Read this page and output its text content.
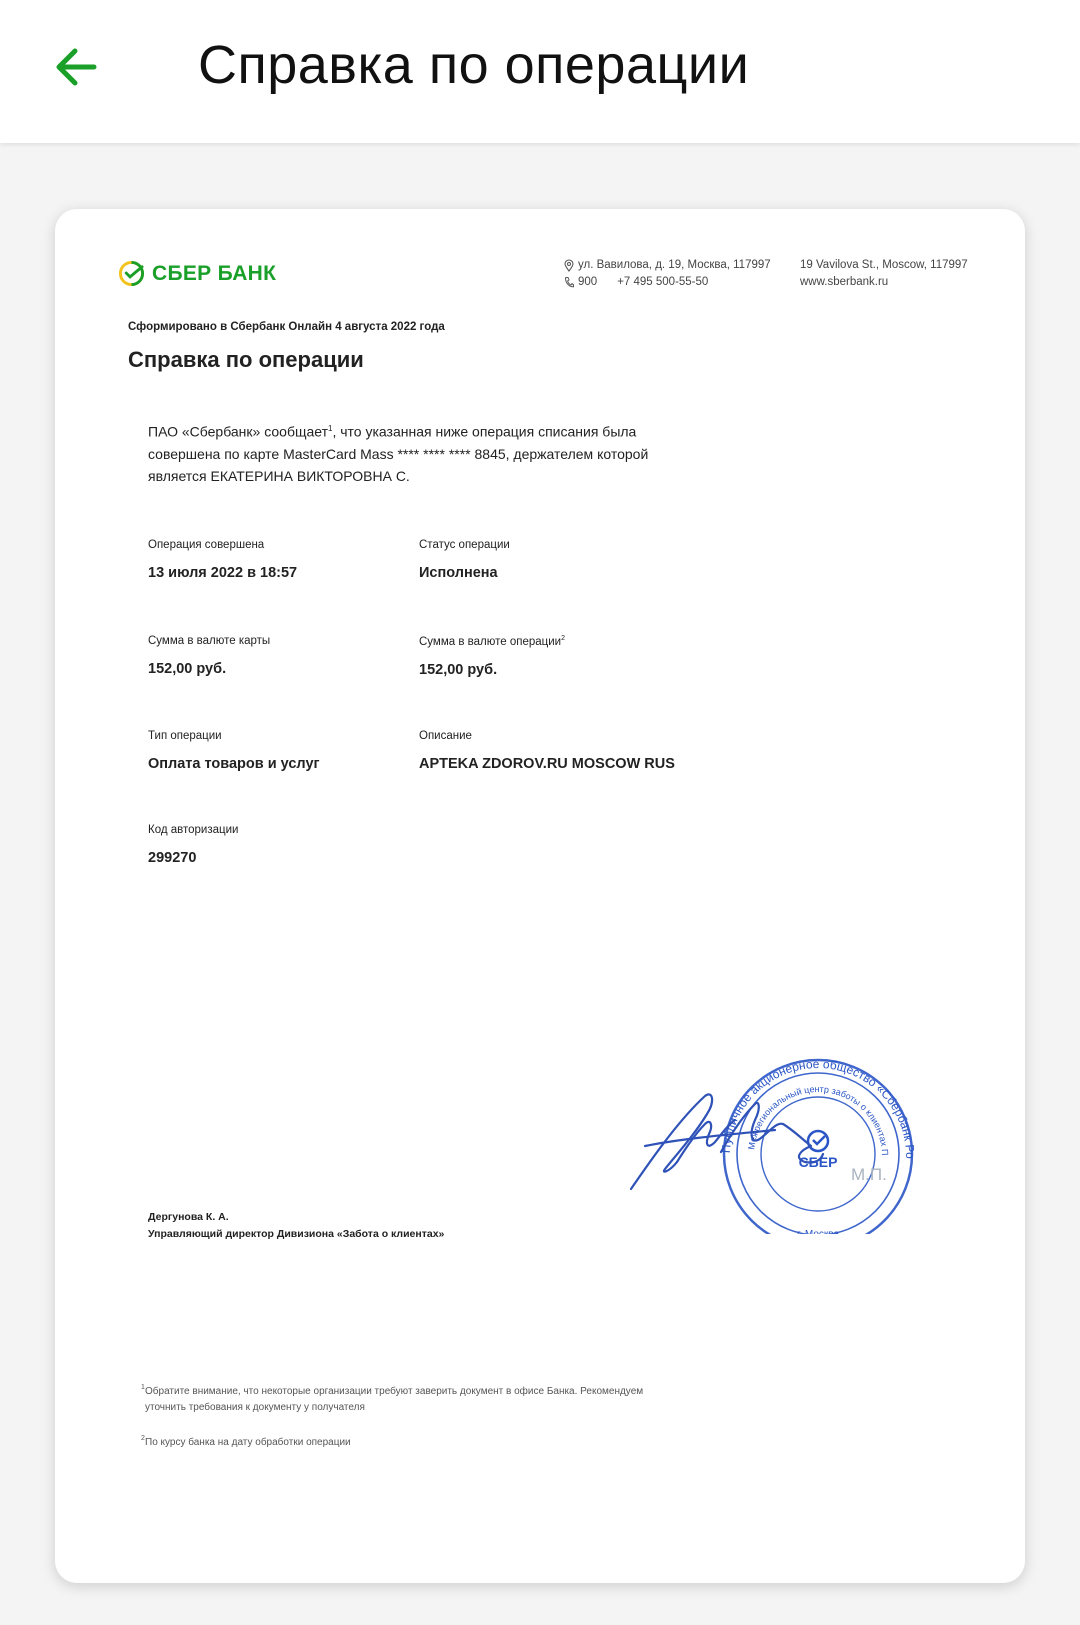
Справка по операции
СБЕР БАНК	ул. Вавилова, д. 19, Москва, 117997
900 +7 495 500-55-50
19 Vavilova St., Moscow, 117997
www.sberbank.ru
Сформировано в Сбербанк Онлайн 4 августа 2022 года
Справка по операции
ПАО «Сбербанк» сообщает$^1$, что указанная ниже операция списания была совершена по карте MasterCard Mass **** **** **** 8845, держателем которой является ЕКАТЕРИНА ВИКТОРОВНА С.
Операция совершена
13 июля 2022 в 18:57
Статус операции
Исполнена
Сумма в валюте карты
152,00 руб.
Сумма в валюте операции$^2$
152,00 руб.
Тип операции
Оплата товаров и услуг
Описание
APTEKA ZDOROV.RU MOSCOW RUS
Код авторизации
299270
Дергунова К. А.
Управляющий директор Дивизиона «Забота о клиентах»
Публичное акционерное общество «Сбербанк Ро
Межрегиональный центр заботы о клиентах П
СБЕР
М.П.
1 Обратите внимание, что некоторые организации требуют заверить документ в офисе Банка. Рекомендуем
уточнить требования к документу у получателя
2 По курсу банка на дату обработки операции
